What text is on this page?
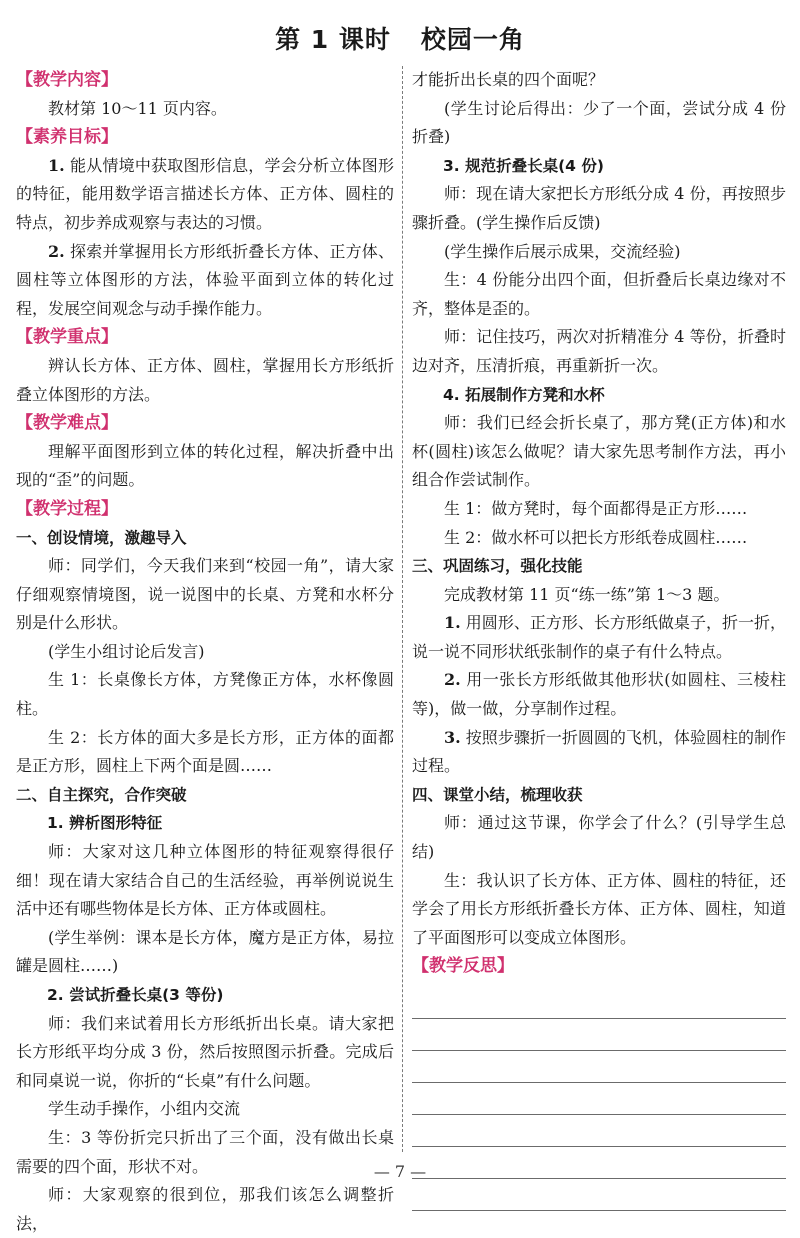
第 1 课时 校园一角
【教学内容】

教材第 10～11 页内容。

【素养目标】

1. 能从情境中获取图形信息，学会分析立体图形的特征，能用数学语言描述长方体、正方体、圆柱的特点，初步养成观察与表达的习惯。

2. 探索并掌握用长方形纸折叠长方体、正方体、圆柱等立体图形的方法，体验平面到立体的转化过程，发展空间观念与动手操作能力。

【教学重点】

辨认长方体、正方体、圆柱，掌握用长方形纸折叠立体图形的方法。

【教学难点】

理解平面图形到立体的转化过程，解决折叠中出现的“歪”的问题。

【教学过程】

一、创设情境，激趣导入

师：同学们，今天我们来到“校园一角”，请大家仔细观察情境图，说一说图中的长桌、方凳和水杯分别是什么形状。

(学生小组讨论后发言)

生 1：长桌像长方体，方凳像正方体，水杯像圆柱。

生 2：长方体的面大多是长方形，正方体的面都是正方形，圆柱上下两个面是圆……

二、自主探究，合作突破

1. 辨析图形特征

师：大家对这几种立体图形的特征观察得很仔细！现在请大家结合自己的生活经验，再举例说说生活中还有哪些物体是长方体、正方体或圆柱。

(学生举例：课本是长方体，魔方是正方体，易拉罐是圆柱……)

2. 尝试折叠长桌(3 等份)

师：我们来试着用长方形纸折出长桌。请大家把长方形纸平均分成 3 份，然后按照图示折叠。完成后和同桌说一说，你折的“长桌”有什么问题。

学生动手操作，小组内交流

生：3 等份折完只折出了三个面，没有做出长桌需要的四个面，形状不对。

师：大家观察的很到位，那我们该怎么调整折法，

才能折出长桌的四个面呢？

(学生讨论后得出：少了一个面，尝试分成 4 份折叠)

3. 规范折叠长桌(4 份)

师：现在请大家把长方形纸分成 4 份，再按照步骤折叠。(学生操作后反馈)

(学生操作后展示成果，交流经验)

生：4 份能分出四个面，但折叠后长桌边缘对不齐，整体是歪的。

师：记住技巧，两次对折精准分 4 等份，折叠时边对齐，压清折痕，再重新折一次。

4. 拓展制作方凳和水杯

师：我们已经会折长桌了，那方凳(正方体)和水杯(圆柱)该怎么做呢？请大家先思考制作方法，再小组合作尝试制作。

生 1：做方凳时，每个面都得是正方形……

生 2：做水杯可以把长方形纸卷成圆柱……

三、巩固练习，强化技能

完成教材第 11 页“练一练”第 1～3 题。

1. 用圆形、正方形、长方形纸做桌子，折一折，说一说不同形状纸张制作的桌子有什么特点。

2. 用一张长方形纸做其他形状(如圆柱、三棱柱等)，做一做，分享制作过程。

3. 按照步骤折一折圆圆的飞机，体验圆柱的制作过程。

四、课堂小结，梳理收获

师：通过这节课，你学会了什么？(引导学生总结)

生：我认识了长方体、正方体、圆柱的特征，还学会了用长方形纸折叠长方体、正方体、圆柱，知道了平面图形可以变成立体图形。

【教学反思】
— 7 —
